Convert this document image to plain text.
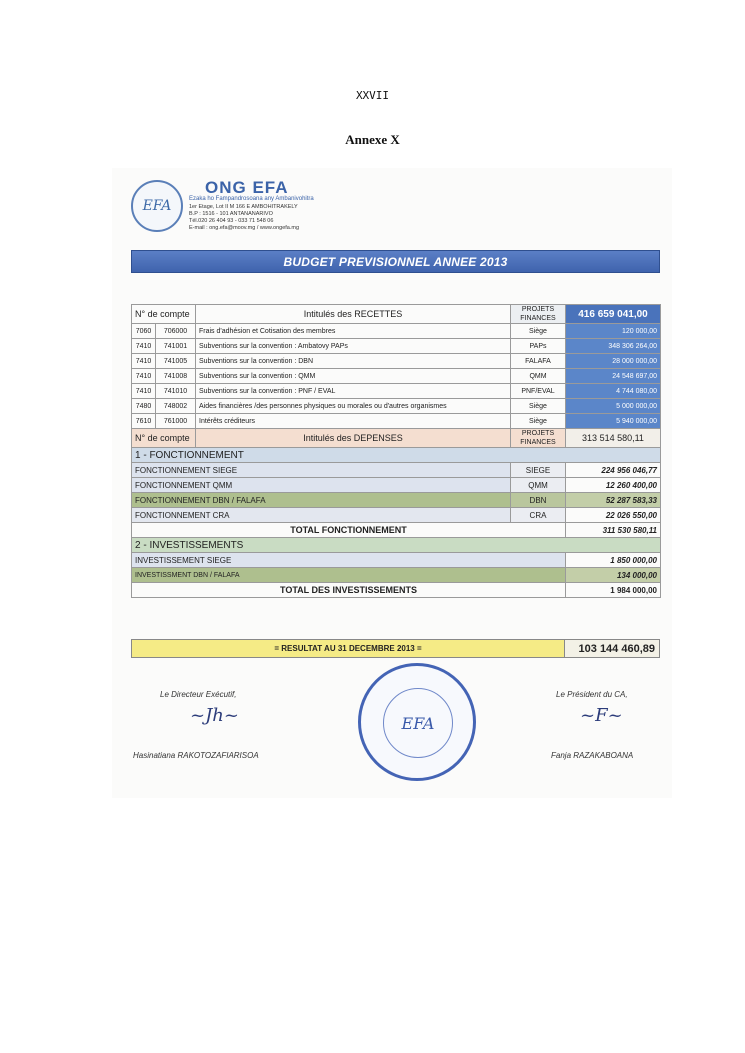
XXVII
Annexe X
EFA
ONG EFA
Ezaka ho Fampandrosoana any Ambanivohitra
1er Etage, Lot II M 166 E AMBOHITRAKELY
B.P : 1516 - 101 ANTANANARIVO
Tél.020 26 404 93 - 033 71 548 06
E-mail : ong.efa@moov.mg / www.ongefa.mg
BUDGET PREVISIONNEL ANNEE 2013
N° de compte		Intitulés des RECETTES	PROJETS FINANCES	416 659 041,00
7060	706000	Frais d'adhésion et Cotisation des membres	Siège	120 000,00
7410	741001	Subventions sur la convention : Ambatovy PAPs	PAPs	348 306 264,00
7410	741005	Subventions sur la convention : DBN	FALAFA	28 000 000,00
7410	741008	Subventions sur la convention : QMM	QMM	24 548 697,00
7410	741010	Subventions sur la convention : PNF / EVAL	PNF/EVAL	4 744 080,00
7480	748002	Aides financières /des personnes physiques ou morales ou d'autres organismes	Siège	5 000 000,00
7610	761000	Intérêts créditeurs	Siège	5 940 000,00
N° de compte		Intitulés des DEPENSES	PROJETS FINANCES	313 514 580,11
1 - FONCTIONNEMENT				
FONCTIONNEMENT SIEGE			SIEGE	224 956 046,77
FONCTIONNEMENT QMM			QMM	12 260 400,00
FONCTIONNEMENT DBN / FALAFA			DBN	52 287 583,33
FONCTIONNEMENT CRA			CRA	22 026 550,00
TOTAL FONCTIONNEMENT				311 530 580,11
2 - INVESTISSEMENTS				
INVESTISSEMENT SIEGE				1 850 000,00
INVESTISSMENT DBN / FALAFA				134 000,00
TOTAL DES INVESTISSEMENTS				1 984 000,00
= RESULTAT AU 31 DECEMBRE 2013 =	103 144 460,89
Le Directeur Exécutif,
~Jh~
Hasinatiana RAKOTOZAFIARISOA
EFA
Le Président du CA,
~F~
Fanja RAZAKABOANA
